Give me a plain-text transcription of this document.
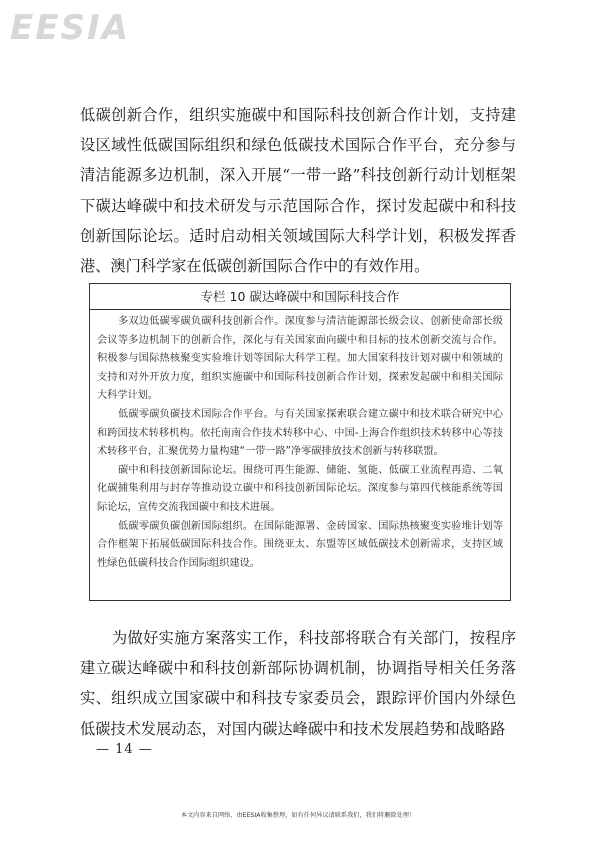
EESIA

低碳创新合作，组织实施碳中和国际科技创新合作计划，支持建设区域性低碳国际组织和绿色低碳技术国际合作平台，充分参与清洁能源多边机制，深入开展“一带一路”科技创新行动计划框架下碳达峰碳中和技术研发与示范国际合作，探讨发起碳中和科技创新国际论坛。适时启动相关领域国际大科学计划，积极发挥香港、澳门科学家在低碳创新国际合作中的有效作用。

专栏 10 碳达峰碳中和国际科技合作

多双边低碳零碳负碳科技创新合作。深度参与清洁能源部长级会议、创新使命部长级会议等多边机制下的创新合作，深化与有关国家面向碳中和目标的技术创新交流与合作。积极参与国际热核聚变实验堆计划等国际大科学工程。加大国家科技计划对碳中和领域的支持和对外开放力度，组织实施碳中和国际科技创新合作计划，探索发起碳中和相关国际大科学计划。

低碳零碳负碳技术国际合作平台。与有关国家探索联合建立碳中和技术联合研究中心和跨国技术转移机构。依托南南合作技术转移中心、中国-上海合作组织技术转移中心等技术转移平台，汇聚优势力量构建“一带一路”净零碳排放技术创新与转移联盟。

碳中和科技创新国际论坛。围绕可再生能源、储能、氢能、低碳工业流程再造、二氧化碳捕集利用与封存等推动设立碳中和科技创新国际论坛。深度参与第四代核能系统等国际论坛，宣传交流我国碳中和技术进展。

低碳零碳负碳创新国际组织。在国际能源署、金砖国家、国际热核聚变实验堆计划等合作框架下拓展低碳国际科技合作。围绕亚太、东盟等区域低碳技术创新需求，支持区域性绿色低碳科技合作国际组织建设。

为做好实施方案落实工作，科技部将联合有关部门，按程序建立碳达峰碳中和科技创新部际协调机制，协调指导相关任务落实、组织成立国家碳中和科技专家委员会，跟踪评价国内外绿色低碳技术发展动态，对国内碳达峰碳中和技术发展趋势和战略路

— 14 —
本文内容来自网络，由EESIA收集整理，如有任何异议请联系我们，我们将删除处理！
